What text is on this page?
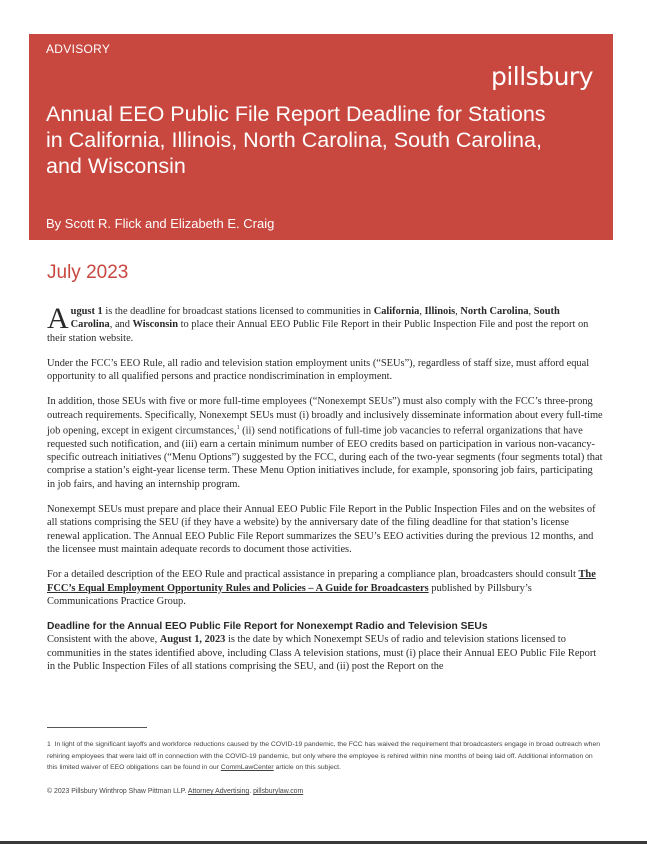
ADVISORY
pillsbury
Annual EEO Public File Report Deadline for Stations in California, Illinois, North Carolina, South Carolina, and Wisconsin
By Scott R. Flick and Elizabeth E. Craig
July 2023

August 1 is the deadline for broadcast stations licensed to communities in California, Illinois, North Carolina, South Carolina, and Wisconsin to place their Annual EEO Public File Report in their Public Inspection File and post the report on their station website.

Under the FCC’s EEO Rule, all radio and television station employment units (“SEUs”), regardless of staff size, must afford equal opportunity to all qualified persons and practice nondiscrimination in employment.

In addition, those SEUs with five or more full-time employees (“Nonexempt SEUs”) must also comply with the FCC’s three-prong outreach requirements. Specifically, Nonexempt SEUs must (i) broadly and inclusively disseminate information about every full-time job opening, except in exigent circumstances,$^1$ (ii) send notifications of full-time job vacancies to referral organizations that have requested such notification, and (iii) earn a certain minimum number of EEO credits based on participation in various non-vacancy-specific outreach initiatives (“Menu Options”) suggested by the FCC, during each of the two-year segments (four segments total) that comprise a station’s eight-year license term. These Menu Option initiatives include, for example, sponsoring job fairs, participating in job fairs, and having an internship program.

Nonexempt SEUs must prepare and place their Annual EEO Public File Report in the Public Inspection Files and on the websites of all stations comprising the SEU (if they have a website) by the anniversary date of the filing deadline for that station’s license renewal application. The Annual EEO Public File Report summarizes the SEU’s EEO activities during the previous 12 months, and the licensee must maintain adequate records to document those activities.

For a detailed description of the EEO Rule and practical assistance in preparing a compliance plan, broadcasters should consult The FCC’s Equal Employment Opportunity Rules and Policies – A Guide for Broadcasters published by Pillsbury’s Communications Practice Group.

Deadline for the Annual EEO Public File Report for Nonexempt Radio and Television SEUs

Consistent with the above, August 1, 2023 is the date by which Nonexempt SEUs of radio and television stations licensed to communities in the states identified above, including Class A television stations, must (i) place their Annual EEO Public File Report in the Public Inspection Files of all stations comprising the SEU, and (ii) post the Report on the

1 In light of the significant layoffs and workforce reductions caused by the COVID-19 pandemic, the FCC has waived the requirement that broadcasters engage in broad outreach when rehiring employees that were laid off in connection with the COVID-19 pandemic, but only where the employee is rehired within nine months of being laid off. Additional information on this limited waiver of EEO obligations can be found in our CommLawCenter article on this subject.
© 2023 Pillsbury Winthrop Shaw Pittman LLP. Attorney Advertising. pillsburylaw.com
